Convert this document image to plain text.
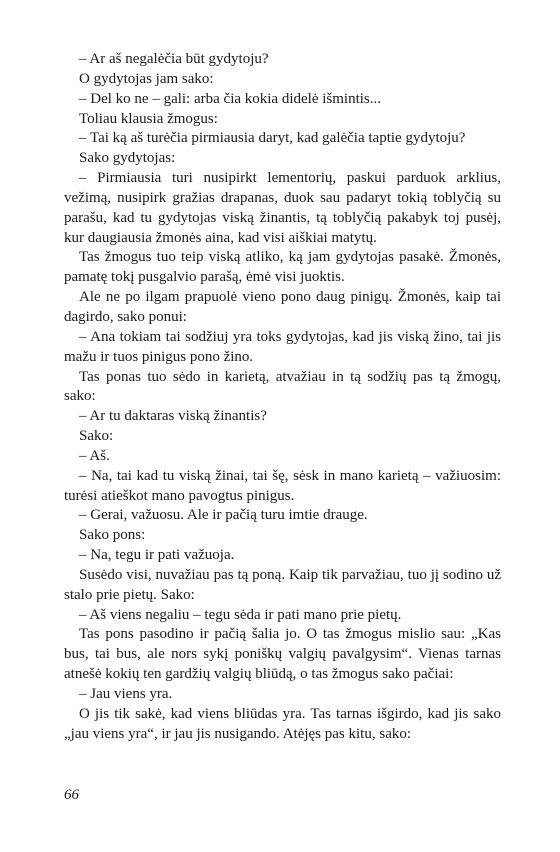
– Ar aš negalėčia būt gydytoju?

O gydytojas jam sako:

– Del ko ne – gali: arba čia kokia didelė išmintis...

Toliau klausia žmogus:

– Tai ką aš turėčia pirmiausia daryt, kad galėčia taptie gydytoju?

Sako gydytojas:

– Pirmiausia turi nusipirkt lementorių, paskui parduok arklius, vežimą, nusipirk gražias drapanas, duok sau padaryt tokią toblyčią su parašu, kad tu gydytojas viską žinantis, tą toblyčią pakabyk toj pusėj, kur daugiausia žmonės aina, kad visi aiškiai matytų.

Tas žmogus tuo teip viską atliko, ką jam gydytojas pasakė. Žmonės, pamatę tokį pusgalvio parašą, ėmė visi juoktis.

Ale ne po ilgam prapuolė vieno pono daug pinigų. Žmonės, kaip tai dagirdo, sako ponui:

– Ana tokiam tai sodžiuj yra toks gydytojas, kad jis viską žino, tai jis mažu ir tuos pinigus pono žino.

Tas ponas tuo sėdo in karietą, atvažiau in tą sodžių pas tą žmogų, sako:

– Ar tu daktaras viską žinantis?

Sako:

– Aš.

– Na, tai kad tu viską žinai, tai šę, sėsk in mano karietą – važiuosim: turėsi atieškot mano pavogtus pinigus.

– Gerai, važuosu. Ale ir pačią turu imtie drauge.

Sako pons:

– Na, tegu ir pati važuoja.

Susėdo visi, nuvažiau pas tą poną. Kaip tik parvažiau, tuo jį sodino už stalo prie pietų. Sako:

– Aš viens negaliu – tegu sėda ir pati mano prie pietų.

Tas pons pasodino ir pačią šalia jo. O tas žmogus mislio sau: „Kas bus, tai bus, ale nors sykį poniškų valgių pavalgysim“. Vienas tarnas atnešė kokių ten gardžių valgių bliūdą, o tas žmogus sako pačiai:

– Jau viens yra.

O jis tik sakė, kad viens bliūdas yra. Tas tarnas išgirdo, kad jis sako „jau viens yra“, ir jau jis nusigando. Atėjęs pas kitu, sako:

66
